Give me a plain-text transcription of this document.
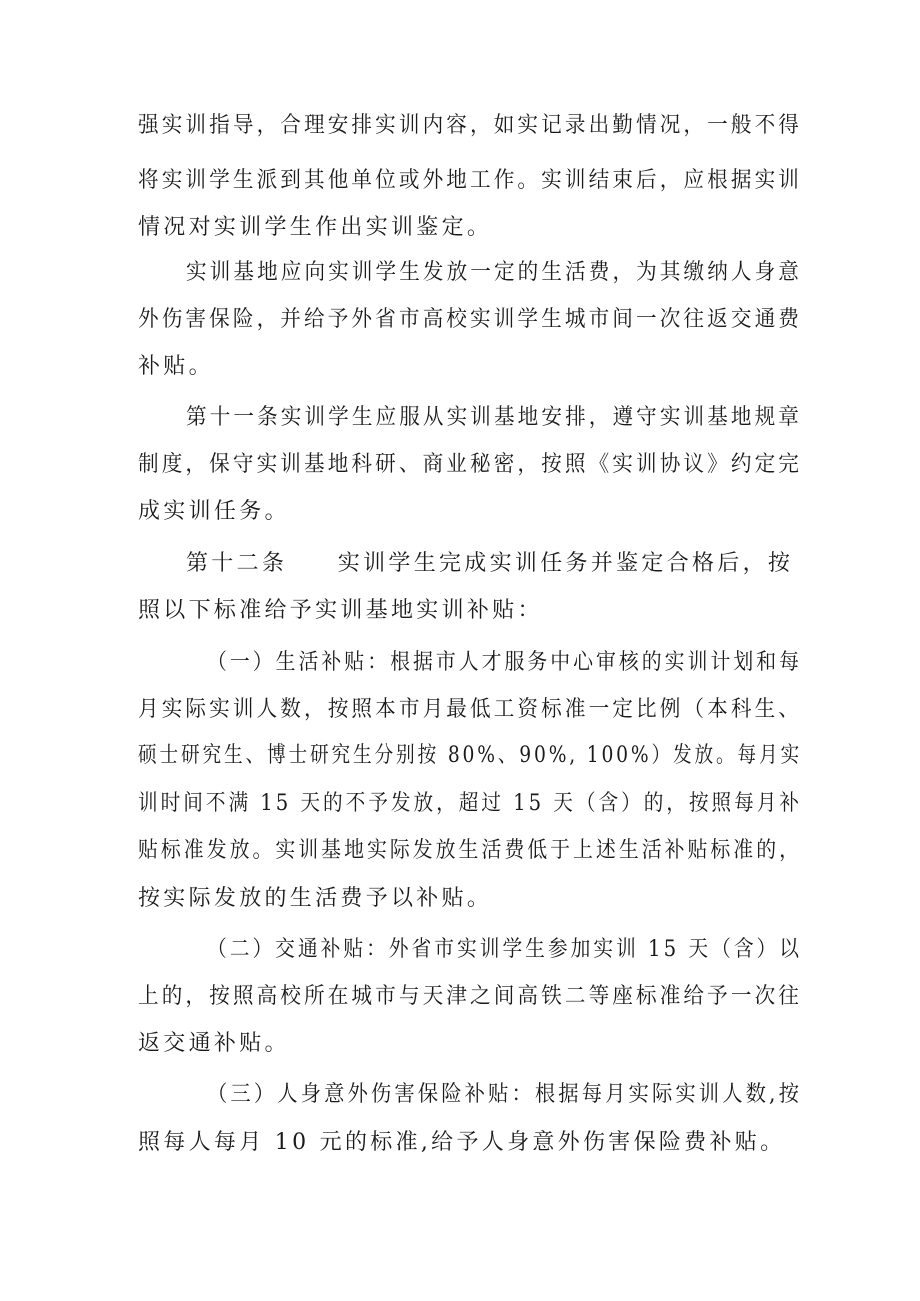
强实训指导，合理安排实训内容，如实记录出勤情况，一般不得
将实训学生派到其他单位或外地工作。实训结束后，应根据实训
情况对实训学生作出实训鉴定。
实训基地应向实训学生发放一定的生活费，为其缴纳人身意
外伤害保险，并给予外省市高校实训学生城市间一次往返交通费
补贴。
第十一条实训学生应服从实训基地安排，遵守实训基地规章
制度，保守实训基地科研、商业秘密，按照《实训协议》约定完
成实训任务。
第十二条　　实训学生完成实训任务并鉴定合格后，按
照以下标准给予实训基地实训补贴：
（一）生活补贴：根据市人才服务中心审核的实训计划和每
月实际实训人数，按照本市月最低工资标准一定比例（本科生、
硕士研究生、博士研究生分别按 80%、90%, 100%）发放。每月实
训时间不满 15 天的不予发放，超过 15 天（含）的，按照每月补
贴标准发放。实训基地实际发放生活费低于上述生活补贴标准的，
按实际发放的生活费予以补贴。
（二）交通补贴：外省市实训学生参加实训 15 天（含）以
上的，按照高校所在城市与天津之间高铁二等座标准给予一次往
返交通补贴。
（三）人身意外伤害保险补贴：根据每月实际实训人数,按
照每人每月 10 元的标准,给予人身意外伤害保险费补贴。
